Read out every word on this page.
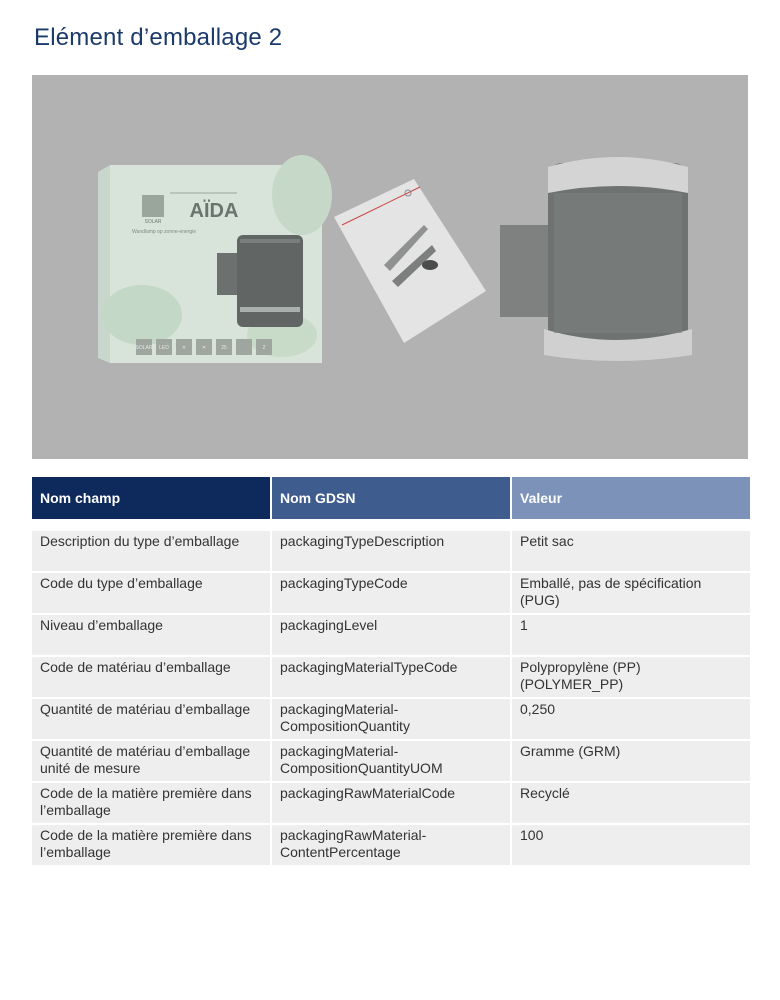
Elément d’emballage 2
SOLAR AÏDA
Wandlamp op zonne-energie
SOLAR LED	✕	✕	25	2
Nom champ	Nom GDSN	Valeur

Description du type d’emballage	packagingTypeDescription	Petit sac
Code du type d’emballage	packagingTypeCode	Emballé, pas de spécification (PUG)
Niveau d’emballage	packagingLevel	1
Code de matériau d’emballage	packagingMaterialTypeCode	Polypropylène (PP) (POLYMER_PP)
Quantité de matériau d’emballage	packagingMaterial-CompositionQuantity	0,250
Quantité de matériau d’emballage unité de mesure	packagingMaterial-CompositionQuantityUOM	Gramme (GRM)
Code de la matière première dans l’emballage	packagingRawMaterialCode	Recyclé
Code de la matière première dans l’emballage	packagingRawMaterial-ContentPercentage	100
